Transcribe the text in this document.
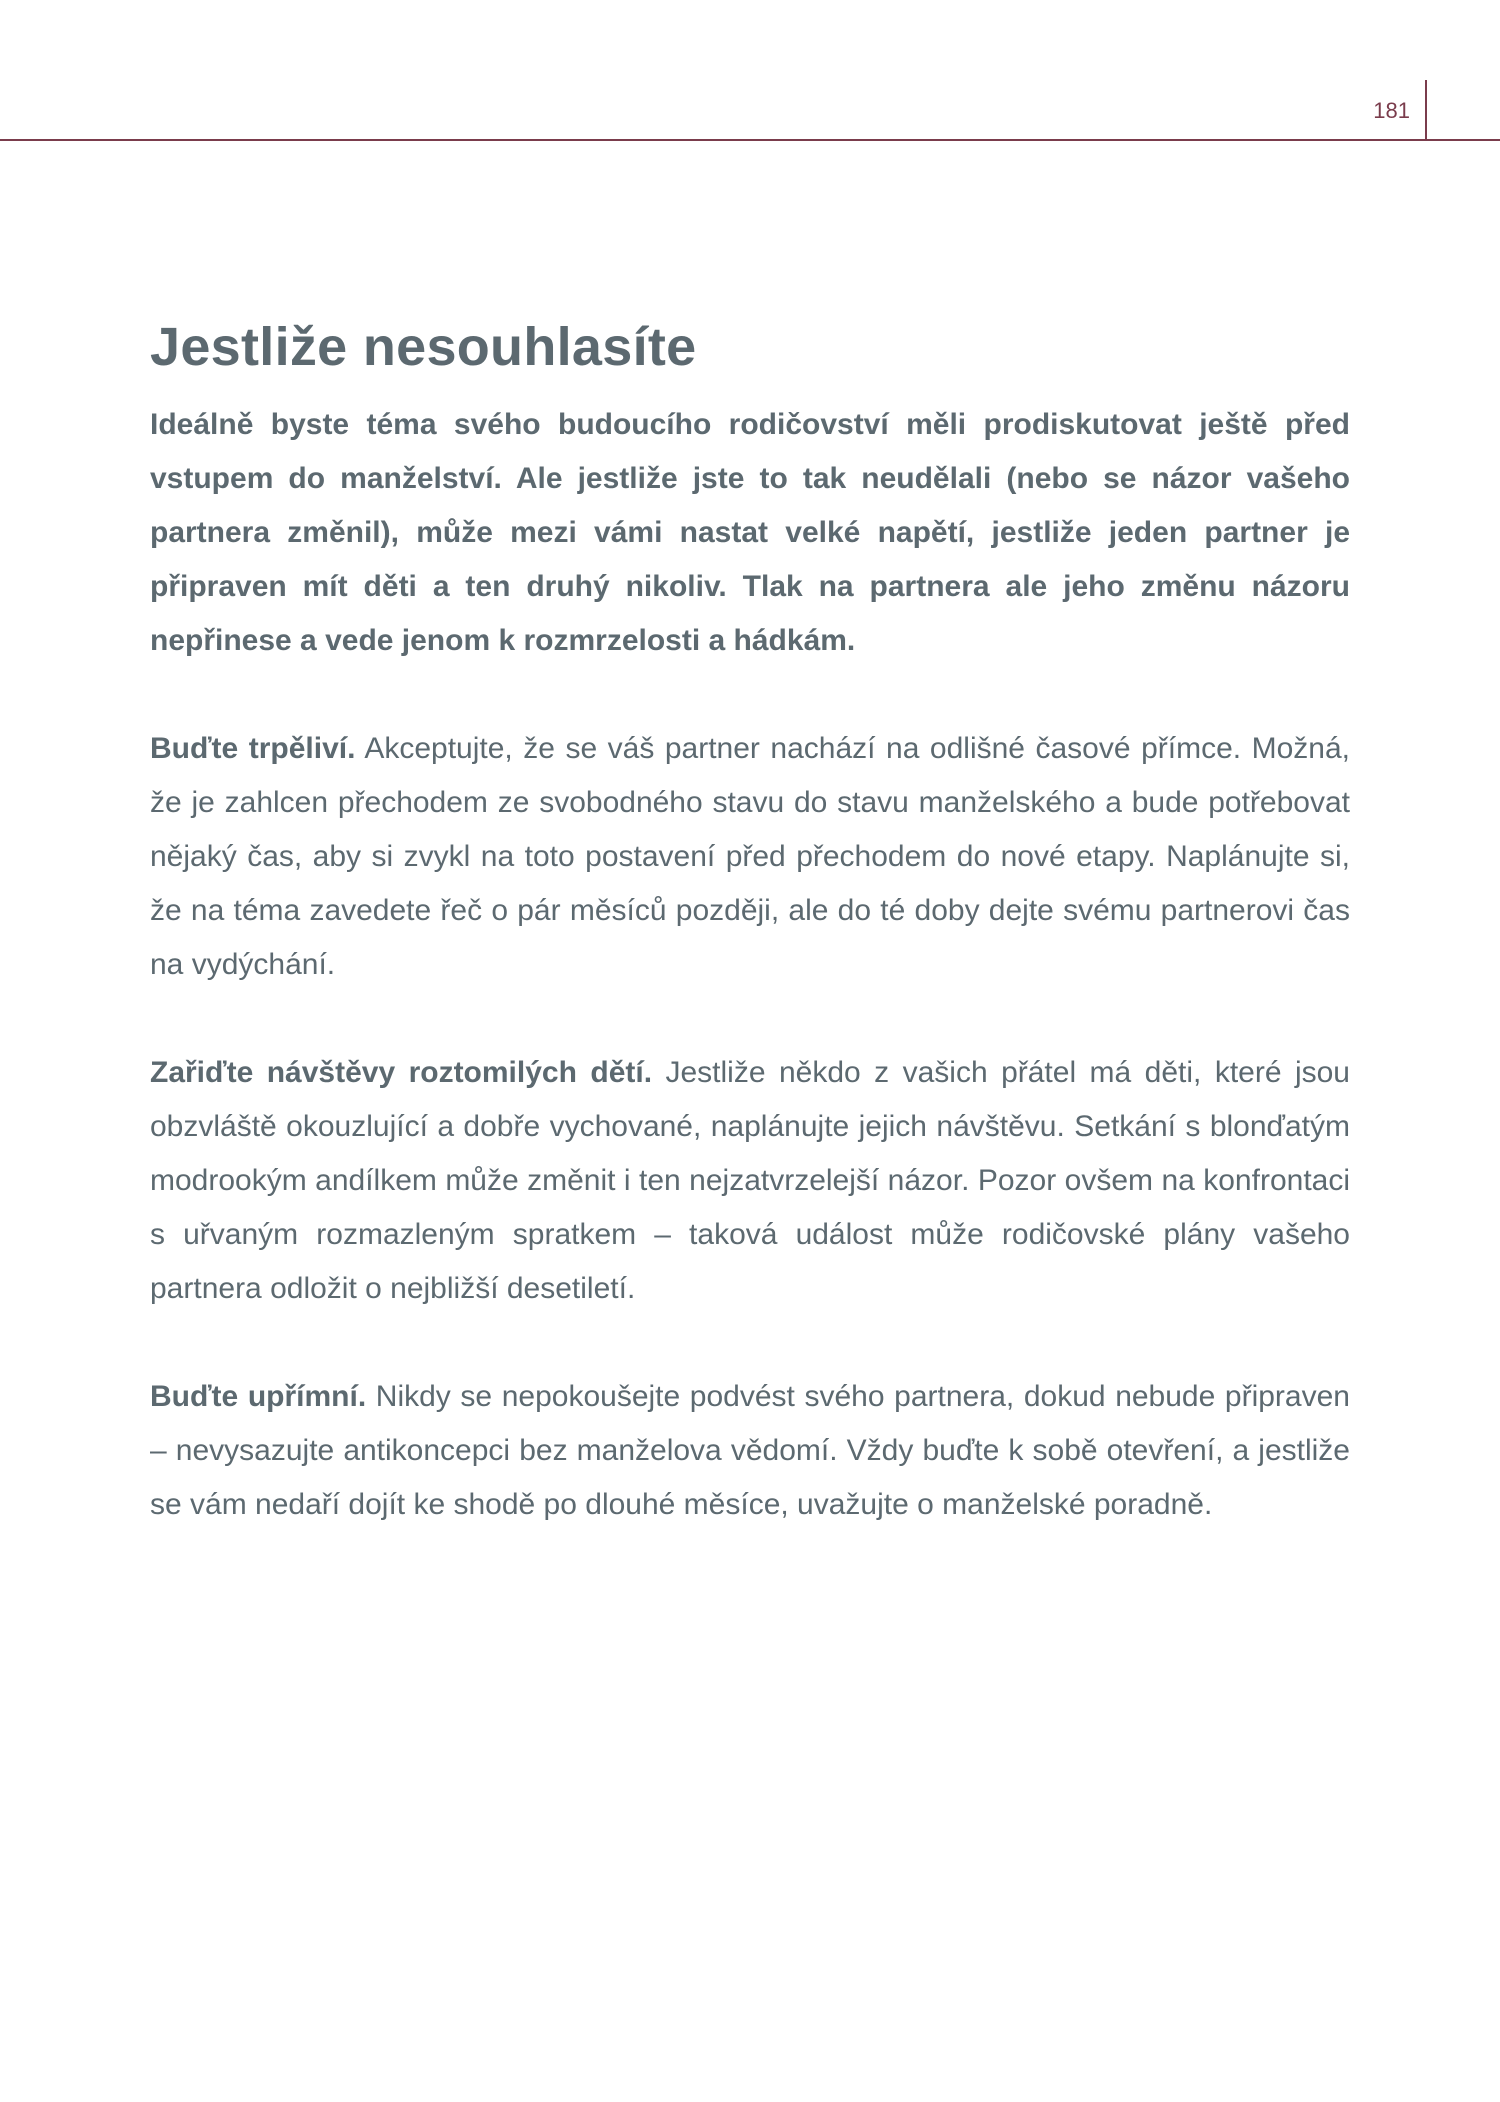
181
Jestliže nesouhlasíte

Ideálně byste téma svého budoucího rodičovství měli prodiskutovat ještě před vstupem do manželství. Ale jestliže jste to tak neudělali (nebo se názor vašeho partnera změnil), může mezi vámi nastat velké napětí, jestliže jeden partner je připraven mít děti a ten druhý nikoliv. Tlak na partnera ale jeho změnu názoru nepřinese a vede jenom k rozmrzelosti a hádkám.

Buďte trpěliví. Akceptujte, že se váš partner nachází na odlišné časové přímce. Možná, že je zahlcen přechodem ze svobodného stavu do stavu manželského a bude potřebovat nějaký čas, aby si zvykl na toto postavení před přechodem do nové etapy. Naplánujte si, že na téma zavedete řeč o pár měsíců později, ale do té doby dejte svému partnerovi čas na vydýchání.

Zařiďte návštěvy roztomilých dětí. Jestliže někdo z vašich přátel má děti, které jsou obzvláště okouzlující a dobře vychované, naplánujte jejich návštěvu. Setkání s blonďatým modrookým andílkem může změnit i ten nejzatvrzelejší názor. Pozor ovšem na konfrontaci s uřvaným rozmazleným spratkem – taková událost může rodičovské plány vašeho partnera odložit o nejbližší desetiletí.

Buďte upřímní. Nikdy se nepokoušejte podvést svého partnera, dokud nebude připraven – nevysazujte antikoncepci bez manželova vědomí. Vždy buďte k sobě otevření, a jestliže se vám nedaří dojít ke shodě po dlouhé měsíce, uvažujte o manželské poradně.
